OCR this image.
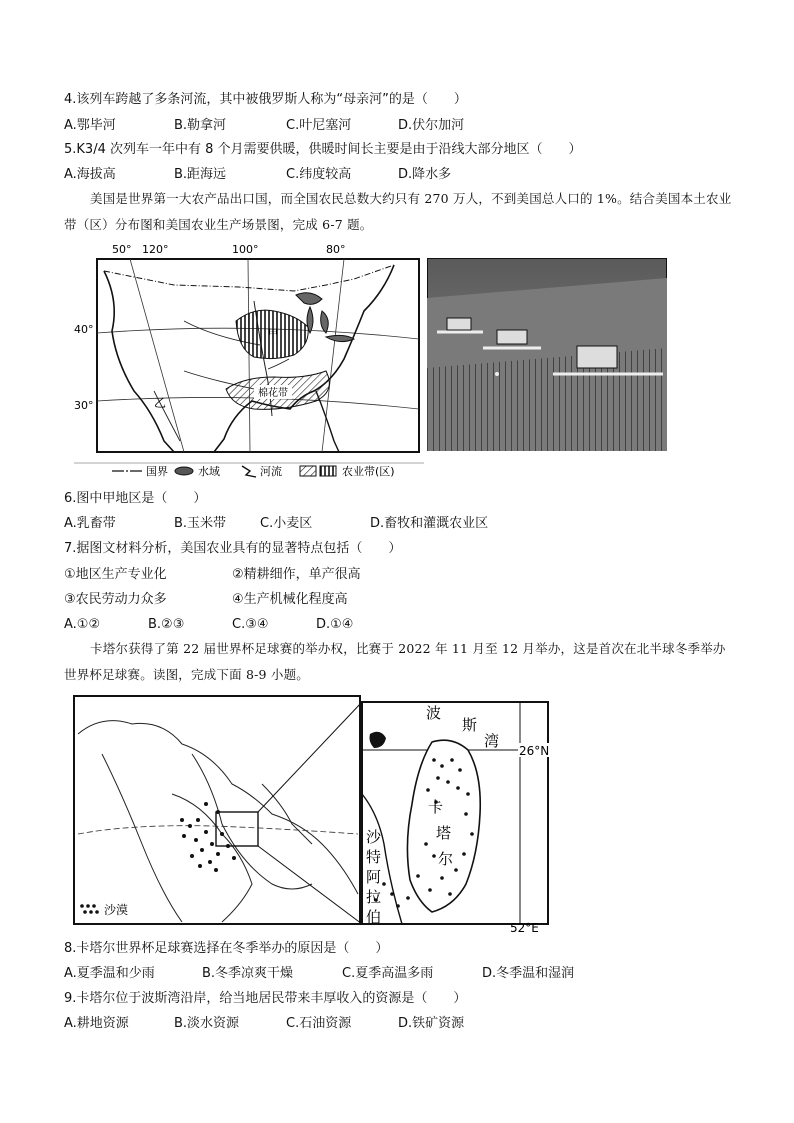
4.该列车跨越了多条河流，其中被俄罗斯人称为“母亲河”的是（　　）
A.鄂毕河	B.勒拿河	C.叶尼塞河	D.伏尔加河
5.K3/4 次列车一年中有 8 个月需要供暖，供暖时间长主要是由于沿线大部分地区（　　）
A.海拔高	B.距海远	C.纬度较高	D.降水多
美国是世界第一大农产品出口国，而全国农民总数大约只有 270 万人，不到美国总人口的 1%。结合美国本土农业带（区）分布图和美国农业生产场景图，完成 6-7 题。
棉花带
甲
乙
50° 120°	100°	80°
40°
30°
国界	水域	河流	农业带(区)
6.图中甲地区是（　　）
A.乳畜带	B.玉米带	C.小麦区	D.畜牧和灌溉农业区
7.据图文材料分析，美国农业具有的显著特点包括（　　）
①地区生产专业化	②精耕细作，单产很高
③农民劳动力众多	④生产机械化程度高
A.①②	B.②③	C.③④	D.①④
卡塔尔获得了第 22 届世界杯足球赛的举办权，比赛于 2022 年 11 月至 12 月举办，这是首次在北半球冬季举办世界杯足球赛。读图，完成下面 8-9 小题。
沙漠
波
斯
湾
26°N
52°E
卡
塔
尔
沙
特
阿
拉
伯
8.卡塔尔世界杯足球赛选择在冬季举办的原因是（　　）
A.夏季温和少雨	B.冬季凉爽干燥	C.夏季高温多雨	D.冬季温和湿润
9.卡塔尔位于波斯湾沿岸，给当地居民带来丰厚收入的资源是（　　）
A.耕地资源	B.淡水资源	C.石油资源	D.铁矿资源
